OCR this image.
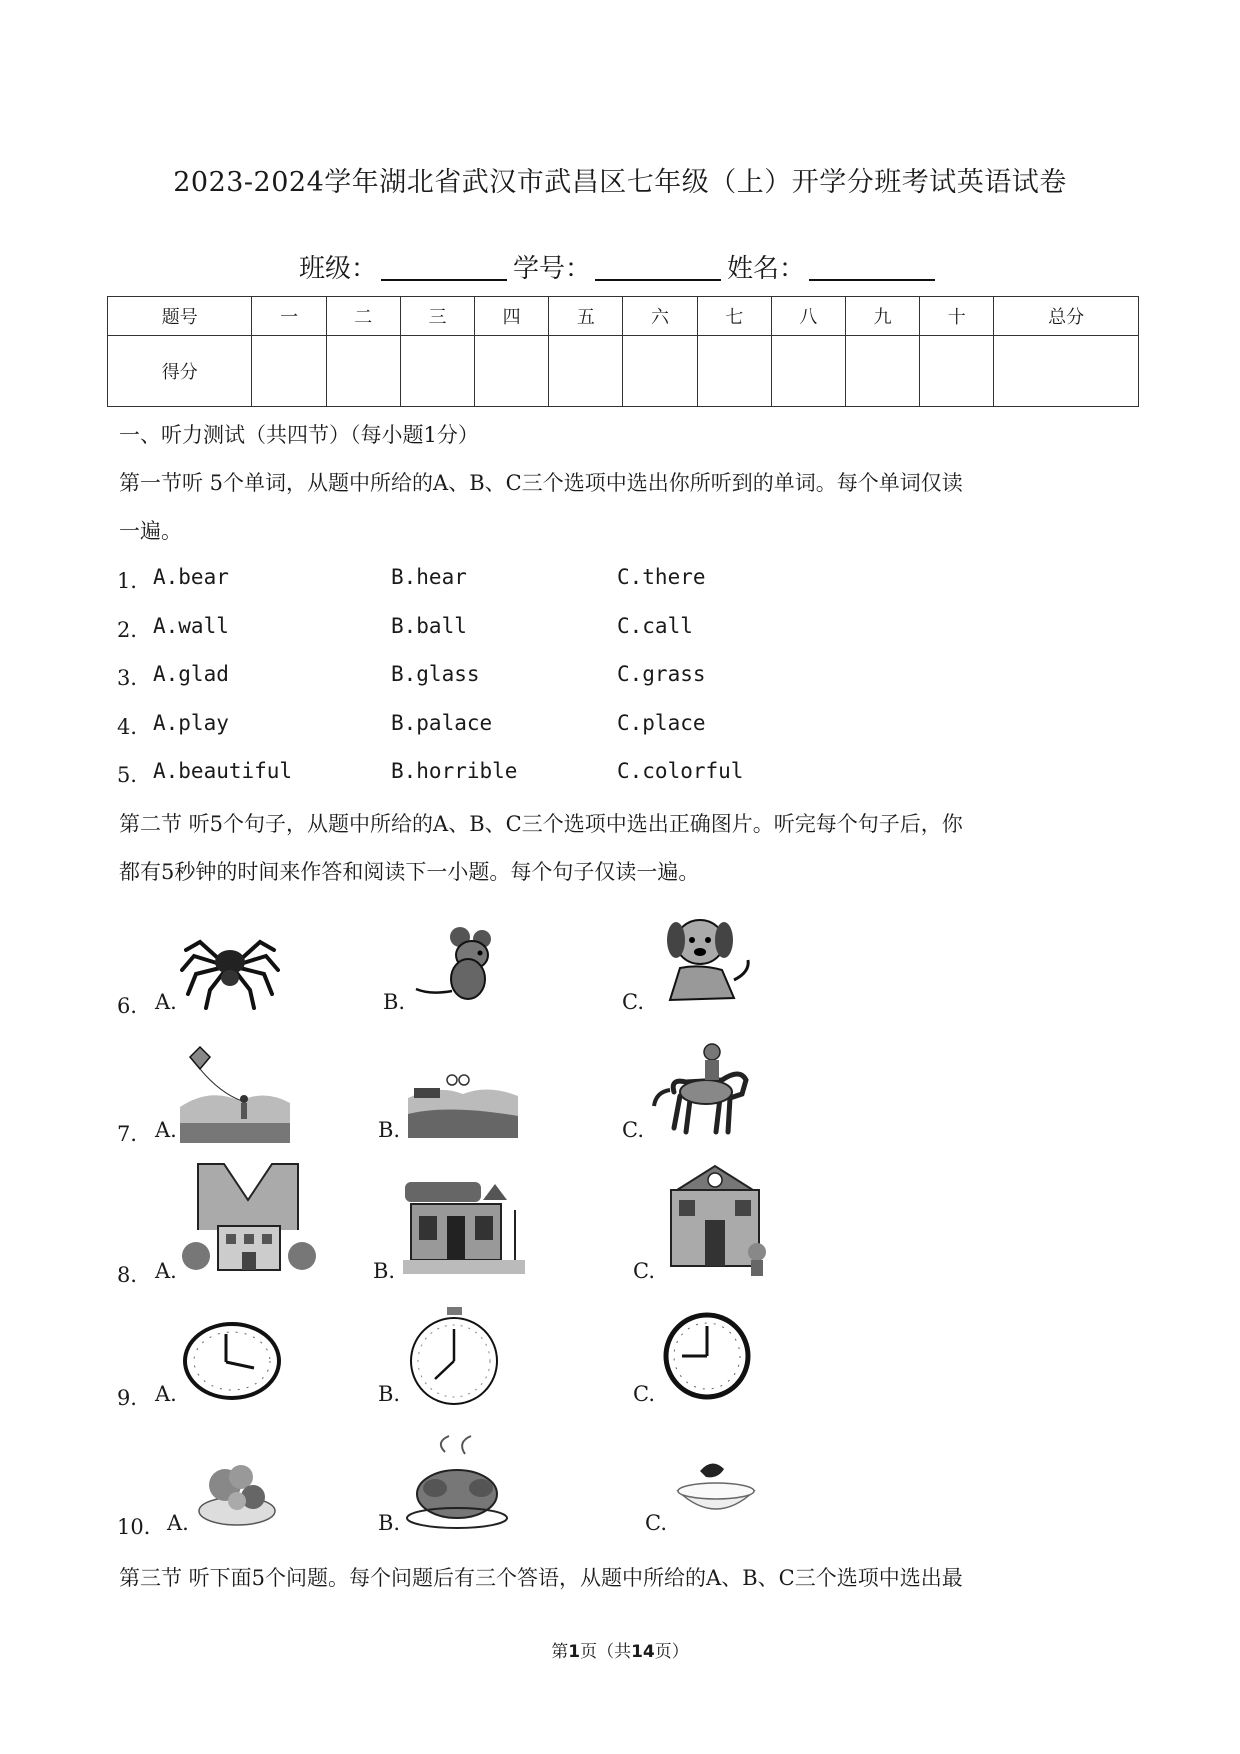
2023-2024学年湖北省武汉市武昌区七年级（上）开学分班考试英语试卷
班级：	学号：	姓名：
题号	一	二	三	四	五	六	七	八	九	十	总分
得分											
一、听力测试（共四节）（每小题1分）
第一节听 5个单词，从题中所给的A、B、C三个选项中选出你所听到的单词。每个单词仅读
一遍。
1． A.bear	B.hear	C.there
2． A.wall	B.ball	C.call
3． A.glad	B.glass	C.grass
4． A.play	B.palace	C.place
5． A.beautiful	B.horrible	C.colorful
第二节 听5个句子，从题中所给的A、B、C三个选项中选出正确图片。听完每个句子后，你
都有5秒钟的时间来作答和阅读下一小题。每个句子仅读一遍。
6． A.	B.	C.
7． A.	B.	C.
8． A.	B.	C.
9． A.	B.	C.
10． A.	B.	C.
第三节 听下面5个问题。每个问题后有三个答语，从题中所给的A、B、C三个选项中选出最
第1页（共14页）
